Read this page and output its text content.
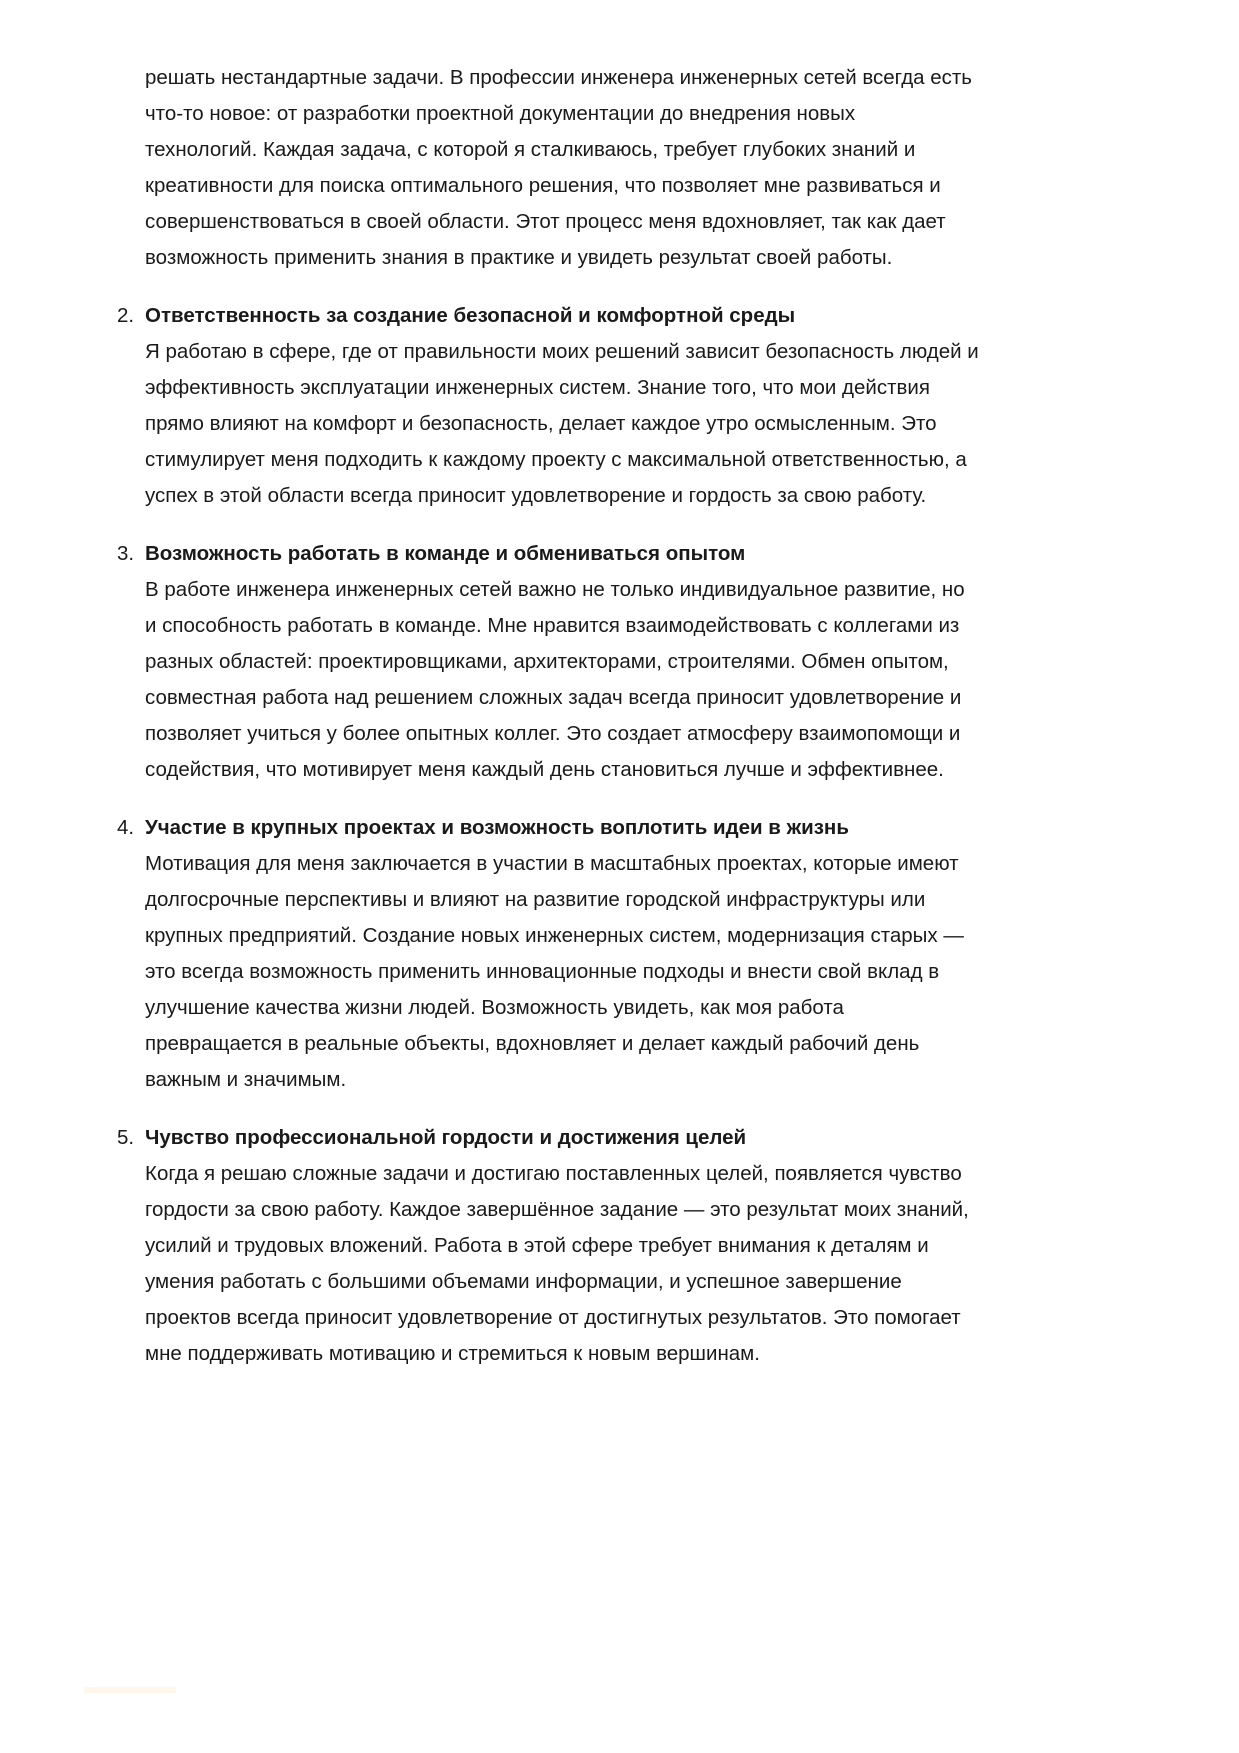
решать нестандартные задачи. В профессии инженера инженерных сетей всегда есть
что-то новое: от разработки проектной документации до внедрения новых
технологий. Каждая задача, с которой я сталкиваюсь, требует глубоких знаний и
креативности для поиска оптимального решения, что позволяет мне развиваться и
совершенствоваться в своей области. Этот процесс меня вдохновляет, так как дает
возможность применить знания в практике и увидеть результат своей работы.
2. Ответственность за создание безопасной и комфортной среды
Я работаю в сфере, где от правильности моих решений зависит безопасность людей и
эффективность эксплуатации инженерных систем. Знание того, что мои действия
прямо влияют на комфорт и безопасность, делает каждое утро осмысленным. Это
стимулирует меня подходить к каждому проекту с максимальной ответственностью, а
успех в этой области всегда приносит удовлетворение и гордость за свою работу.
3. Возможность работать в команде и обмениваться опытом
В работе инженера инженерных сетей важно не только индивидуальное развитие, но
и способность работать в команде. Мне нравится взаимодействовать с коллегами из
разных областей: проектировщиками, архитекторами, строителями. Обмен опытом,
совместная работа над решением сложных задач всегда приносит удовлетворение и
позволяет учиться у более опытных коллег. Это создает атмосферу взаимопомощи и
содействия, что мотивирует меня каждый день становиться лучше и эффективнее.
4. Участие в крупных проектах и возможность воплотить идеи в жизнь
Мотивация для меня заключается в участии в масштабных проектах, которые имеют
долгосрочные перспективы и влияют на развитие городской инфраструктуры или
крупных предприятий. Создание новых инженерных систем, модернизация старых —
это всегда возможность применить инновационные подходы и внести свой вклад в
улучшение качества жизни людей. Возможность увидеть, как моя работа
превращается в реальные объекты, вдохновляет и делает каждый рабочий день
важным и значимым.
5. Чувство профессиональной гордости и достижения целей
Когда я решаю сложные задачи и достигаю поставленных целей, появляется чувство
гордости за свою работу. Каждое завершённое задание — это результат моих знаний,
усилий и трудовых вложений. Работа в этой сфере требует внимания к деталям и
умения работать с большими объемами информации, и успешное завершение
проектов всегда приносит удовлетворение от достигнутых результатов. Это помогает
мне поддерживать мотивацию и стремиться к новым вершинам.
